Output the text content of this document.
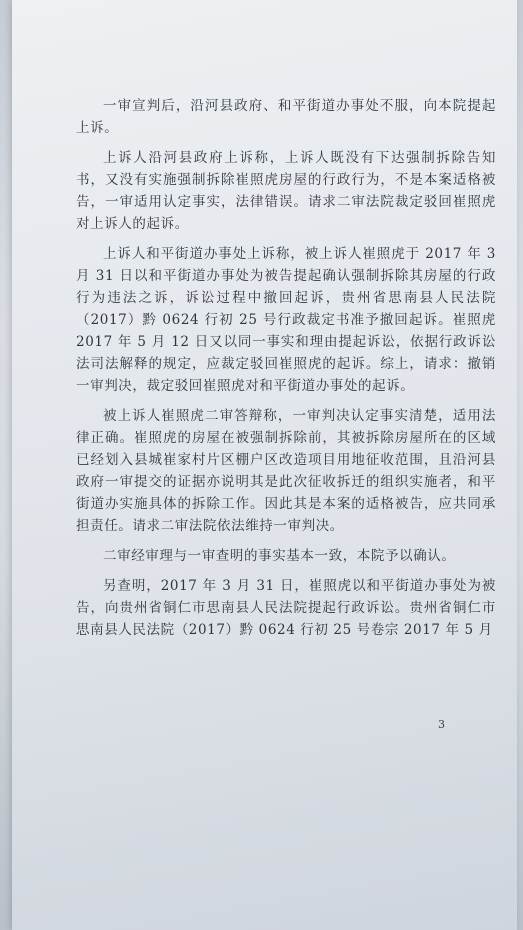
一审宣判后，沿河县政府、和平街道办事处不服，向本院提起上诉。

上诉人沿河县政府上诉称，上诉人既没有下达强制拆除告知书，又没有实施强制拆除崔照虎房屋的行政行为，不是本案适格被告，一审适用认定事实，法律错误。请求二审法院裁定驳回崔照虎对上诉人的起诉。

上诉人和平街道办事处上诉称，被上诉人崔照虎于 2017 年 3 月 31 日以和平街道办事处为被告提起确认强制拆除其房屋的行政行为违法之诉，诉讼过程中撤回起诉，贵州省思南县人民法院（2017）黔 0624 行初 25 号行政裁定书准予撤回起诉。崔照虎 2017 年 5 月 12 日又以同一事实和理由提起诉讼，依据行政诉讼法司法解释的规定，应裁定驳回崔照虎的起诉。综上，请求：撤销一审判决，裁定驳回崔照虎对和平街道办事处的起诉。

被上诉人崔照虎二审答辩称，一审判决认定事实清楚，适用法律正确。崔照虎的房屋在被强制拆除前，其被拆除房屋所在的区域已经划入县城崔家村片区棚户区改造项目用地征收范围，且沿河县政府一审提交的证据亦说明其是此次征收拆迁的组织实施者，和平街道办实施具体的拆除工作。因此其是本案的适格被告，应共同承担责任。请求二审法院依法维持一审判决。

二审经审理与一审查明的事实基本一致，本院予以确认。

另查明，2017 年 3 月 31 日，崔照虎以和平街道办事处为被告，向贵州省铜仁市思南县人民法院提起行政诉讼。贵州省铜仁市思南县人民法院（2017）黔 0624 行初 25 号卷宗 2017 年 5 月

3
